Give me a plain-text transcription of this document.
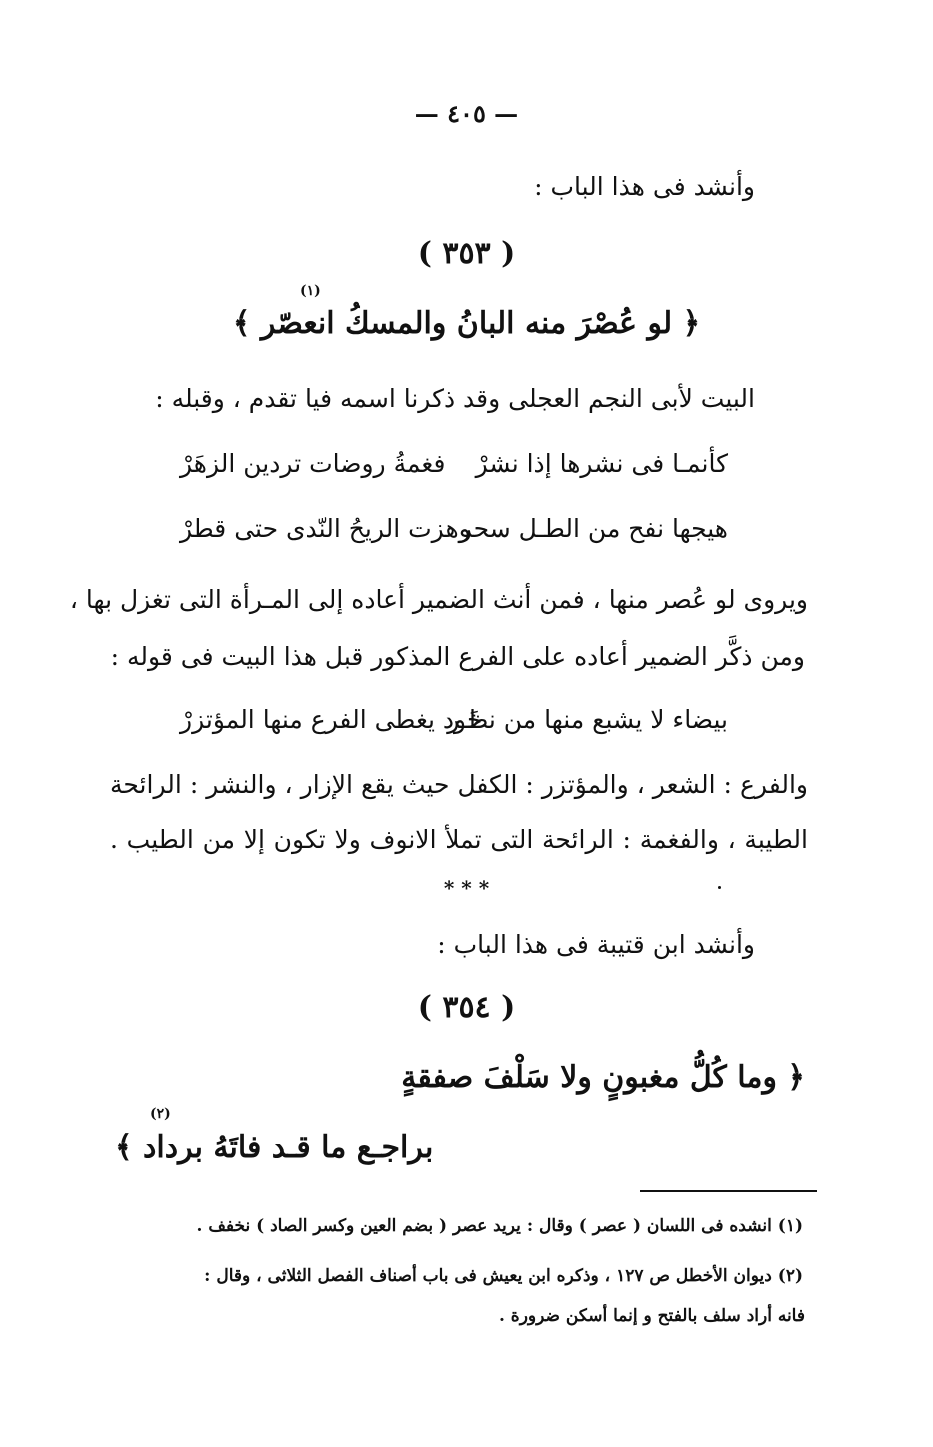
— ٤٠٥ —
وأنشد فى هذا الباب :
( ٣٥٣ )
(١)
﴿ لو عُصْرَ منه البانُ والمسكُ انعصّر ﴾
البيت لأبى النجم العجلى وقد ذكرنا اسمه فيا تقدم ، وقبله :
كأنمـا فى نشرها إذا نشرْ
فغمةُ روضات تردين الزهَرْ
هيجها نفح من الطـل سحر
وهزت الريحُ النّدى حتى قطرْ
ويروى لو عُصر منها ، فمن أنث الضمير أعاده إلى المـرأة التى تغزل بها ،
ومن ذكَّر الضمير أعاده على الفرع المذكور قبل هذا البيت فى قوله :
بيضاء لا يشبع منها من نظـر
خَود يغطى الفرع منها المؤتزرْ
والفرع : الشعر ، والمؤتزر : الكفل حيث يقع الإزار ، والنشر : الرائحة
الطيبة ، والفغمة : الرائحة التى تملأ الانوف ولا تكون إلا من الطيب .
* * *
وأنشد ابن قتيبة فى هذا الباب :
( ٣٥٤ )
﴿ وما كُلُّ مغبونٍ ولا سَلْفَ صفقةٍ
(٢)
براجـع ما قـد فاتَهُ برداد ﴾
(١) انشده فى اللسان ( عصر ) وقال : يريد عصر ( بضم العين وكسر الصاد ) نخفف .
(٢) ديوان الأخطل ص ١٢٧ ، وذكره ابن يعيش فى باب أصناف الفصل الثلاثى ، وقال :
فانه أراد سلف بالفتح و إنما أسكن ضرورة .
